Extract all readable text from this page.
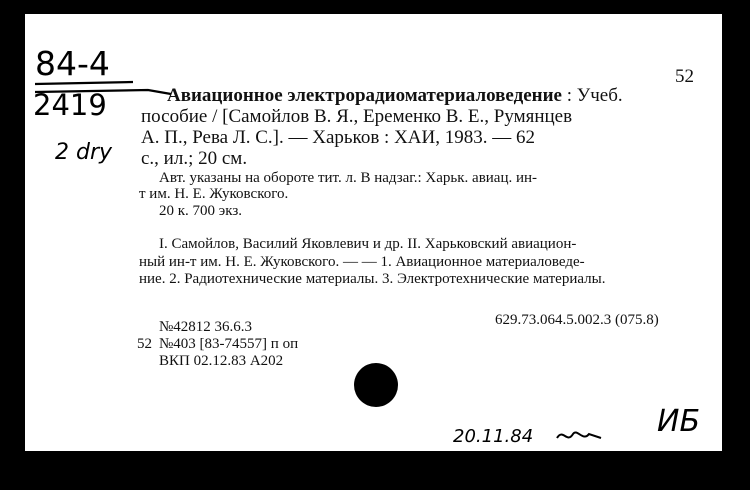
84-4
2419
2 dry
52
Авиационное электрорадиоматериаловедение : Учеб.
пособие / [Самойлов В. Я., Еременко В. Е., Румянцев
А. П., Рева Л. С.]. — Харьков : ХАИ, 1983. — 62
с., ил.; 20 см.
Авт. указаны на обороте тит. л. В надзаг.: Харьк. авиац. ин-
т им. Н. Е. Жуковского.
20 к. 700 экз.
I. Самойлов, Василий Яковлевич и др. II. Харьковский авиацион-
ный ин-т им. Н. Е. Жуковского. — — 1. Авиационное материаловеде-
ние. 2. Радиотехнические материалы. 3. Электротехнические материалы.
629.73.064.5.002.3 (075.8)
№42812 36.6.3
52 №403 [83-74557] п оп
ВКП 02.12.83 А202
20.11.84	ИБ
